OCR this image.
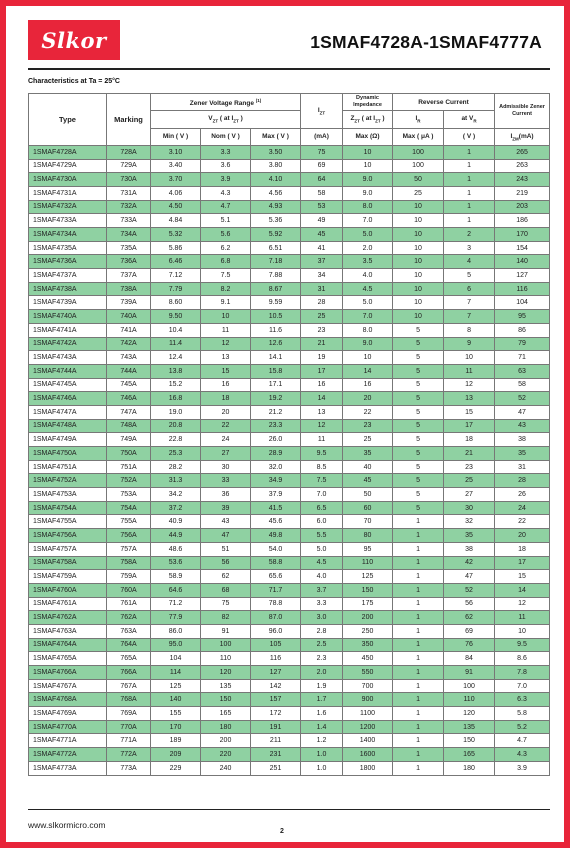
Slkor	1SMAF4728A-1SMAF4777A
Characteristics at Ta = 25°C
Type	Marking	Zener Voltage Range $^{(1)}$			$I_{ZT}$	Dynamic Impedance	Reverse Current		Admissible Zener Current
		$V_{ZT}$ ( at $I_{ZT}$ )				$Z_{ZT}$ ( at $I_{ZT}$ )	$I_R$	at $V_R$
		Min ( V )	Nom ( V )	Max ( V )	(mA)	Max (Ω)	Max ( μA )	( V )	$I_{ZM}(mA)$
1SMAF4728A	728A	3.10	3.3	3.50	75	10	100	1	265
1SMAF4729A	729A	3.40	3.6	3.80	69	10	100	1	263
1SMAF4730A	730A	3.70	3.9	4.10	64	9.0	50	1	243
1SMAF4731A	731A	4.06	4.3	4.56	58	9.0	25	1	219
1SMAF4732A	732A	4.50	4.7	4.93	53	8.0	10	1	203
1SMAF4733A	733A	4.84	5.1	5.36	49	7.0	10	1	186
1SMAF4734A	734A	5.32	5.6	5.92	45	5.0	10	2	170
1SMAF4735A	735A	5.86	6.2	6.51	41	2.0	10	3	154
1SMAF4736A	736A	6.46	6.8	7.18	37	3.5	10	4	140
1SMAF4737A	737A	7.12	7.5	7.88	34	4.0	10	5	127
1SMAF4738A	738A	7.79	8.2	8.67	31	4.5	10	6	116
1SMAF4739A	739A	8.60	9.1	9.59	28	5.0	10	7	104
1SMAF4740A	740A	9.50	10	10.5	25	7.0	10	7	95
1SMAF4741A	741A	10.4	11	11.6	23	8.0	5	8	86
1SMAF4742A	742A	11.4	12	12.6	21	9.0	5	9	79
1SMAF4743A	743A	12.4	13	14.1	19	10	5	10	71
1SMAF4744A	744A	13.8	15	15.8	17	14	5	11	63
1SMAF4745A	745A	15.2	16	17.1	16	16	5	12	58
1SMAF4746A	746A	16.8	18	19.2	14	20	5	13	52
1SMAF4747A	747A	19.0	20	21.2	13	22	5	15	47
1SMAF4748A	748A	20.8	22	23.3	12	23	5	17	43
1SMAF4749A	749A	22.8	24	26.0	11	25	5	18	38
1SMAF4750A	750A	25.3	27	28.9	9.5	35	5	21	35
1SMAF4751A	751A	28.2	30	32.0	8.5	40	5	23	31
1SMAF4752A	752A	31.3	33	34.9	7.5	45	5	25	28
1SMAF4753A	753A	34.2	36	37.9	7.0	50	5	27	26
1SMAF4754A	754A	37.2	39	41.5	6.5	60	5	30	24
1SMAF4755A	755A	40.9	43	45.6	6.0	70	1	32	22
1SMAF4756A	756A	44.9	47	49.8	5.5	80	1	35	20
1SMAF4757A	757A	48.6	51	54.0	5.0	95	1	38	18
1SMAF4758A	758A	53.6	56	58.8	4.5	110	1	42	17
1SMAF4759A	759A	58.9	62	65.6	4.0	125	1	47	15
1SMAF4760A	760A	64.6	68	71.7	3.7	150	1	52	14
1SMAF4761A	761A	71.2	75	78.8	3.3	175	1	56	12
1SMAF4762A	762A	77.9	82	87.0	3.0	200	1	62	11
1SMAF4763A	763A	86.0	91	96.0	2.8	250	1	69	10
1SMAF4764A	764A	95.0	100	105	2.5	350	1	76	9.5
1SMAF4765A	765A	104	110	116	2.3	450	1	84	8.6
1SMAF4766A	766A	114	120	127	2.0	550	1	91	7.8
1SMAF4767A	767A	125	135	142	1.9	700	1	100	7.0
1SMAF4768A	768A	140	150	157	1.7	900	1	110	6.3
1SMAF4769A	769A	155	165	172	1.6	1100	1	120	5.8
1SMAF4770A	770A	170	180	191	1.4	1200	1	135	5.2
1SMAF4771A	771A	189	200	211	1.2	1400	1	150	4.7
1SMAF4772A	772A	209	220	231	1.0	1600	1	165	4.3
1SMAF4773A	773A	229	240	251	1.0	1800	1	180	3.9
www.slkormicro.com
2
